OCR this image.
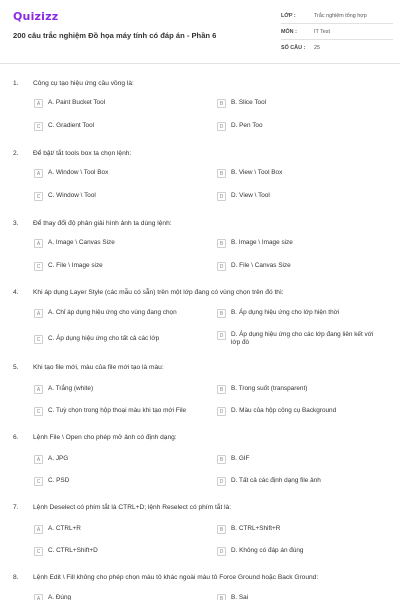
Quizizz
200 câu trắc nghiệm Đồ họa máy tính có đáp án - Phần 6
LỚP :	Trắc nghiệm tổng hợp
MÔN :	IT Test
SỐ CÂU :	25
1. Công cụ tạo hiệu ứng cầu vồng là:
A	A. Paint Bucket Tool	B	B. Slice Tool
C	C. Gradient Tool	D	D. Pen Too
2. Để bật/ tắt tools box ta chọn lệnh:
A	A. Window \ Tool Box	B	B. View \ Tool Box
C	C. Window \ Tool	D	D. View \ Tool
3. Để thay đổi độ phân giải hình ảnh ta dùng lệnh:
A	A. Image \ Canvas Size	B	B. Image \ Image size
C	C. File \ Image size	D	D. File \ Canvas Size
4. Khi áp dụng Layer Style (các mẫu có sẵn) trên một lớp đang có vùng chọn trên đó thì:
A	A. Chỉ áp dụng hiệu ứng cho vùng đang chọn	B	B. Áp dụng hiệu ứng cho lớp hiện thời
C	C. Áp dụng hiệu ứng cho tất cả các lớp	D	D. Áp dụng hiệu ứng cho các lớp đang liên kết với lớp đó
5. Khi tạo file mới, màu của file mới tạo là màu:
A	A. Trắng (white)	B	B. Trong suốt (transparent)
C	C. Tuỳ chọn trong hộp thoại màu khi tạo mới File	D	D. Màu của hộp công cụ Background
6. Lệnh File \ Open cho phép mở ảnh có định dạng:
A	A. JPG	B	B. GIF
C	C. PSD	D	D. Tất cả các định dạng file ảnh
7. Lệnh Deselect có phím tắt là CTRL+D; lệnh Reselect có phím tắt là:
A	A. CTRL+R	B	B. CTRL+Shift+R
C	C. CTRL+Shift+D	D	D. Không có đáp án đúng
8. Lệnh Edit \ Fill không cho phép chọn màu tô khác ngoài màu tô Force Ground hoặc Back Ground:
A	A. Đúng	B	B. Sai
